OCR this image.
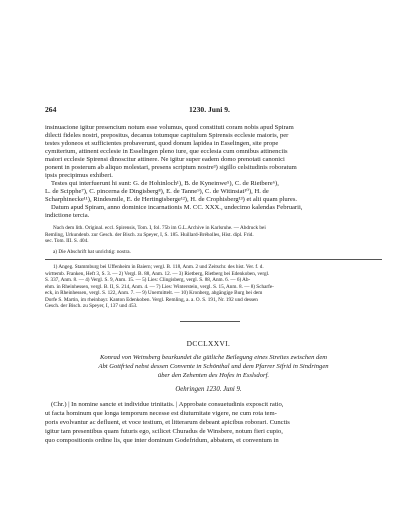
264	1230. Juni 9.
insinuacione igitur presencium notum esse volumus, quod constituti coram nobis apud Spiram
dilecti fideles nostri, prepositus, decanus totumque capitulum Spirensis ecclesie maioris, per
testes ydoneos et sufficientes probaverunt, quod donum lapidea in Esselingen, site prope
cymiterium, attinent ecclesie in Esselingen pleno iure, que ecclesia cum omnibus attinenciis
maiori ecclesie Spirensi dinoscitur attinere. Ne igitur super eadem domo prenotati canonici
ponent in posterum ab aliquo molestari, presens scriptum nostre³) sigillo celsitudinis roboratum
ipsis precipimus exhiberi.
Testes qui interfuerunt hi sunt: G. de Hohinloch¹), B. de Kyneinwe⁵), C. de Rietbere⁶),
L. de Scipphe⁷), C. pincerna de Dingisberg⁸), E. de Tanne⁹), C. de Witinsiat¹⁰), H. de
Scharphinecke¹¹), Rindesmile, E. de Hertingisberge¹²), H. de Crophisberg¹³) et alii quam plures.
Datum apud Spiram, anno dominice incarnationis M. CC. XXX., undecimo kalendas Februarii,
indictione tercia.
Nach dem lith. Original. eccl. Spirensis, Tom. I, fol. 75b im G.L.Archive in Karlsruhe. — Abdruck bei
Remling, Urkundenb. zur Gesch. der Bisch. zu Speyer, I, S. 185. Huillard-Bréholles, Hist. dipl. Frid.
sec. Tom. III. S. 404.
a) Die Abschrift hat unrichtig: nostra.
1) Angeg. Stammburg bei Uffenheim in Baiern; vergl. B. 118, Anm. 2 und Zeitschr. des hist. Ver. f. d.
wirttemb. Franken, Heft 3, S. 3. — 2) Vergl. B. 88, Anm. 12. — 3) Rietberg, Rietberg bei Edenkoben, vergl.
S. 337, Anm. 8. — 4) Vergl. S. 9, Anm. 15. — 5) Lies: Clingisberg, vergl. S. 88, Anm. 6. — 6) Ab-
ehm. in Rheinhessen, vergl. B. II, S. 214, Anm. 4. — 7) Lies: Winterstein, vergl. S. 15, Anm. 8. — 8) Scharfe-
eck, in Rheinhessen, vergl. S. 122, Anm. 7. — 9) Unermittelt. — 10) Kronberg, abgängige Burg bei dem
Dorfe S. Martin, im rheinbayr. Kanton Edenkoben. Vergl. Remling, a. a. O. S. 191, Nr. 192 und dessen
Gesch. der Bisch. zu Speyer, I, 137 und 453.
DCCLXXVI.
Konrad von Weinsberg beurkundet die gütliche Beilegung eines Streites zwischen dem
Abt Gottfried nebst dessen Convente in Schönthal und dem Pfarrer Sifrid in Sindringen
über den Zehenten des Hofes in Esslsdorf.
Oehringen 1230. Juni 9.
(Chr.) | In nomine sancte et individue trinitatis. | Approbate consuetudinis exposcit ratio,
ut facta hominum que longa temporum necesse est diuturnitate vigere, ne cum rota tem-
poris evolvantur ac defluent, et voce testium, et litterarum debeant apicibus roborari. Cunctis
igitur tam presentibus quam futuris ego, scilicet Churadus de Winsbere, notum fieri cupio,
quo compositionis ordine lis, que inter dominum Godefridum, abbatem, et conventum in
